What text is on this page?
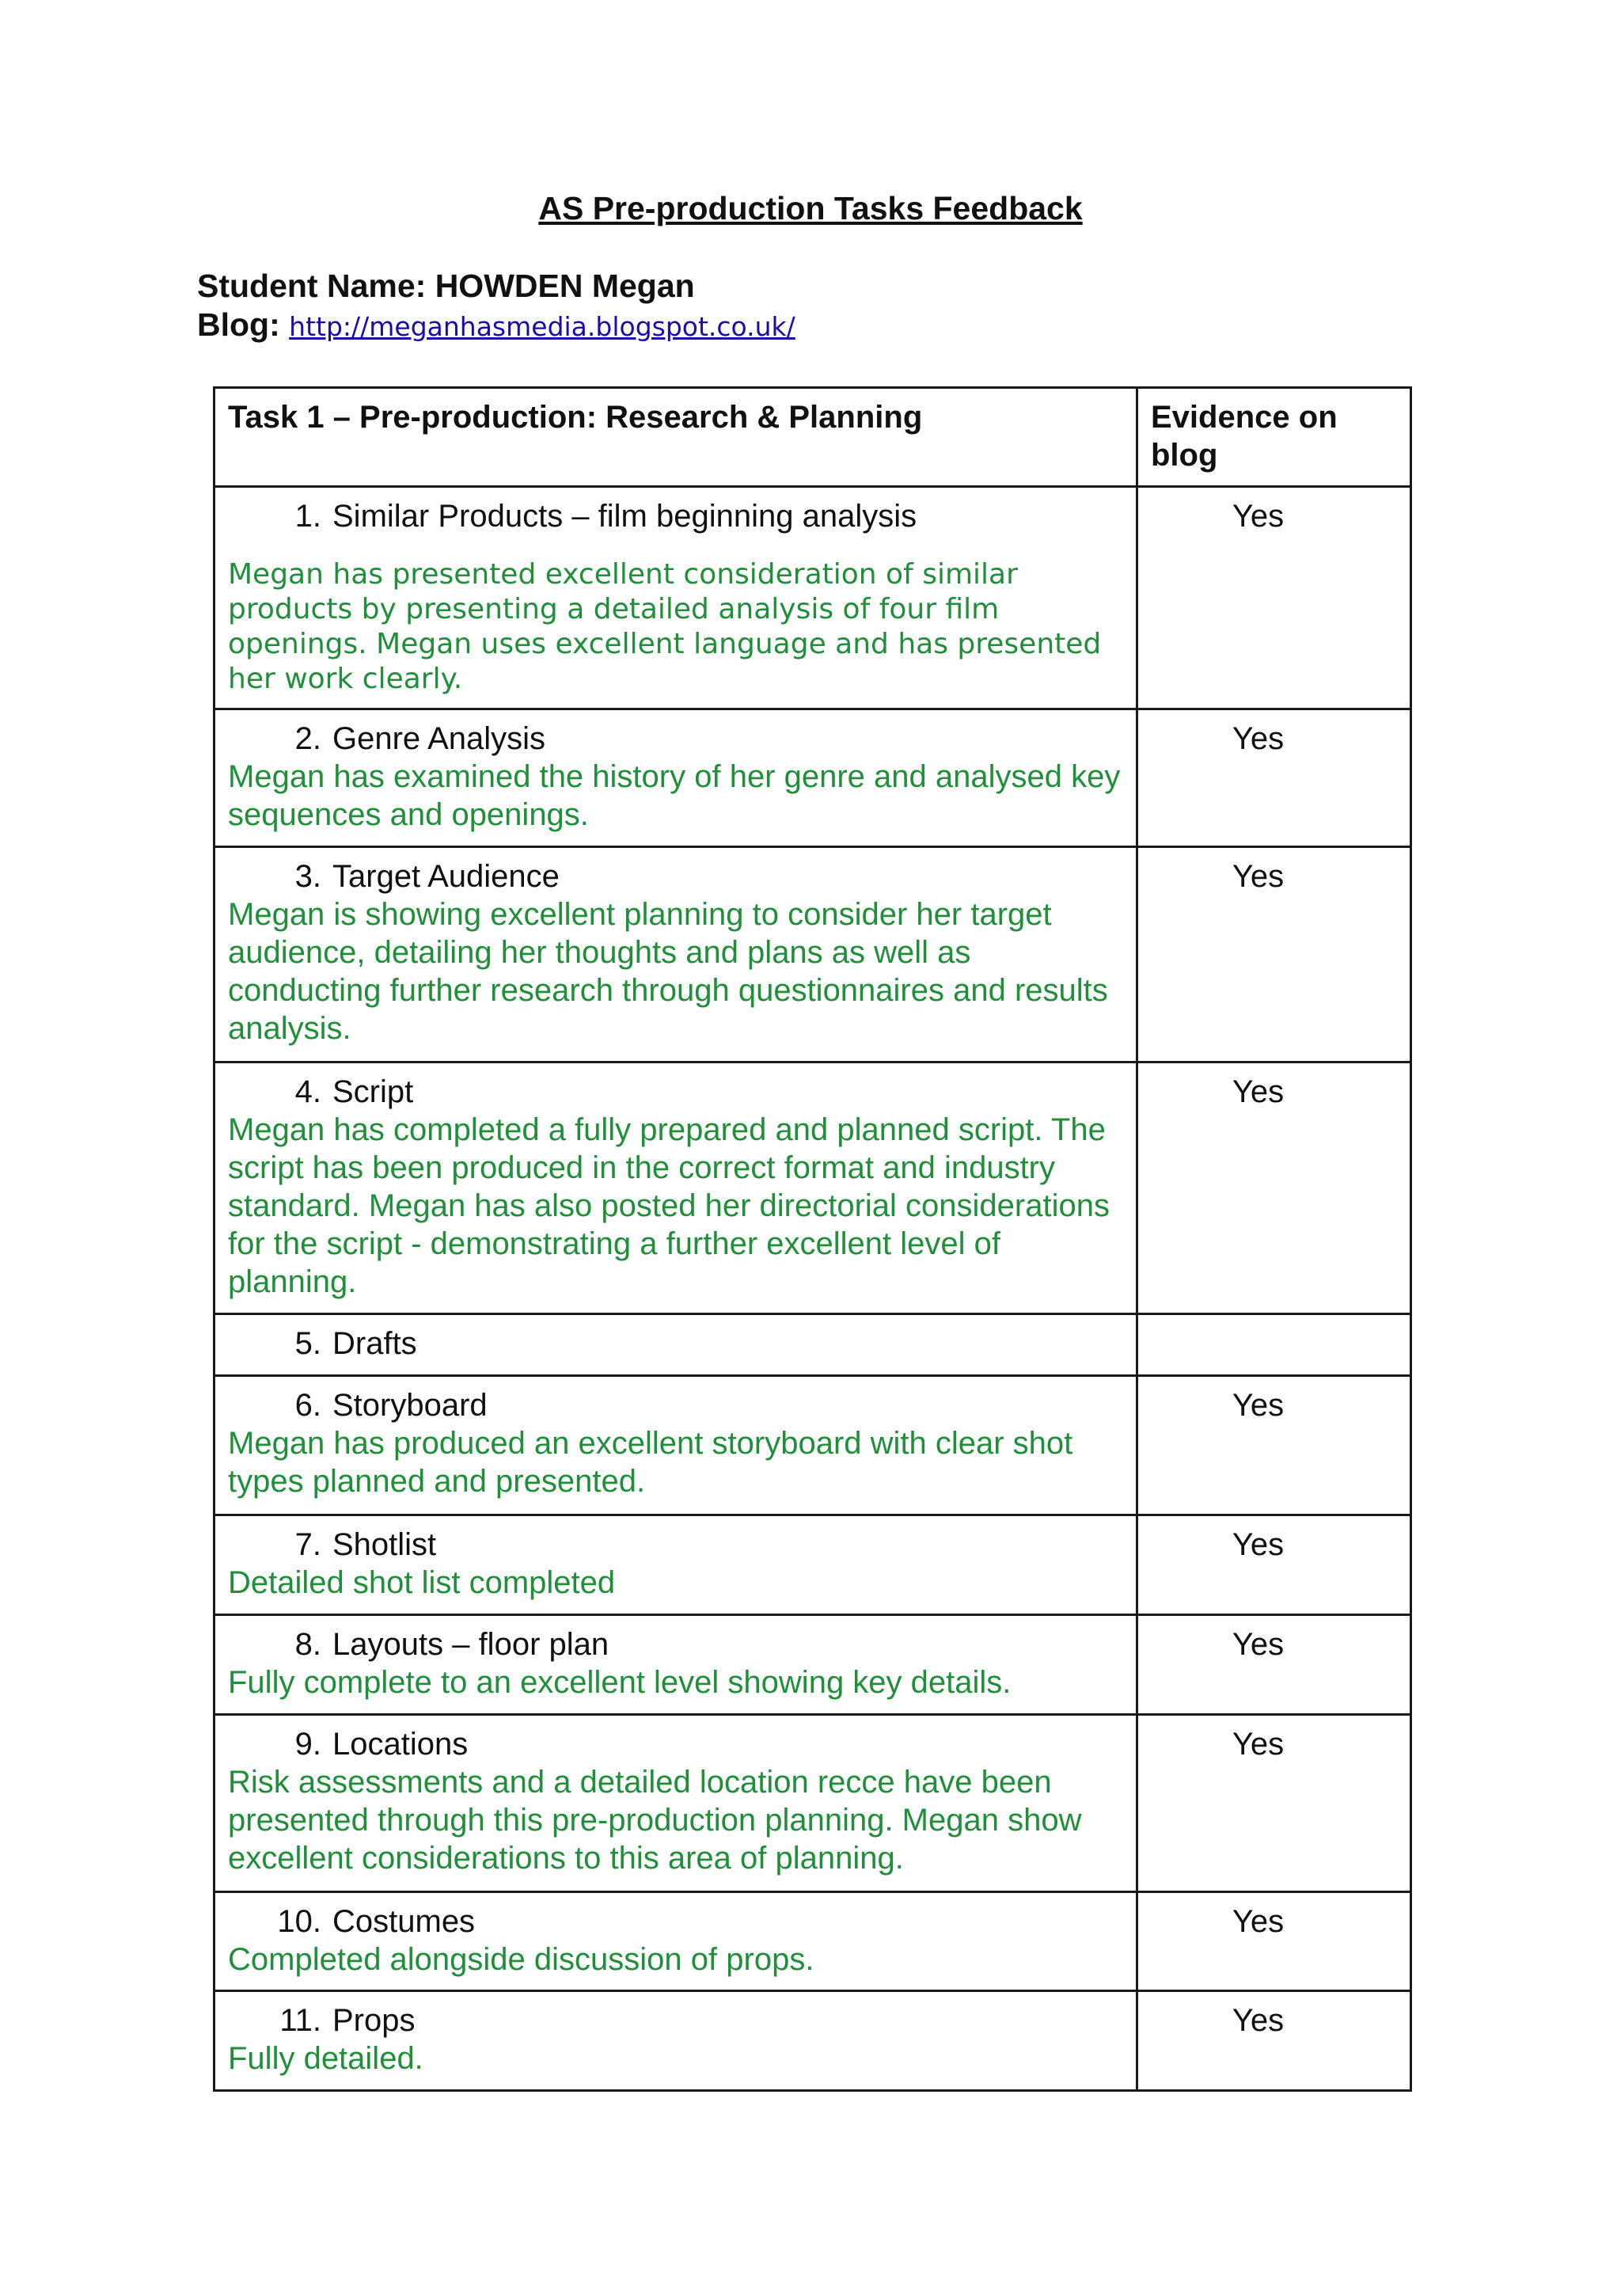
AS Pre-production Tasks Feedback
Student Name: HOWDEN Megan
Blog: http://meganhasmedia.blogspot.co.uk/
Task 1 – Pre-production: Research & Planning	Evidence on blog

1. Similar Products – film beginning analysis
Megan has presented excellent consideration of similar products by presenting a detailed analysis of four film openings. Megan uses excellent language and has presented her work clearly.	Yes

2. Genre Analysis
Megan has examined the history of her genre and analysed key sequences and openings.	Yes

3. Target Audience
Megan is showing excellent planning to consider her target audience, detailing her thoughts and plans as well as conducting further research through questionnaires and results analysis.	Yes

4. Script
Megan has completed a fully prepared and planned script. The script has been produced in the correct format and industry standard. Megan has also posted her directorial considerations for the script - demonstrating a further excellent level of planning.	Yes

5. Drafts	

6. Storyboard
Megan has produced an excellent storyboard with clear shot types planned and presented.	Yes

7. Shotlist
Detailed shot list completed	Yes

8. Layouts – floor plan
Fully complete to an excellent level showing key details.	Yes

9. Locations
Risk assessments and a detailed location recce have been presented through this pre-production planning. Megan show excellent considerations to this area of planning.	Yes

10. Costumes
Completed alongside discussion of props.	Yes

11. Props
Fully detailed.	Yes
